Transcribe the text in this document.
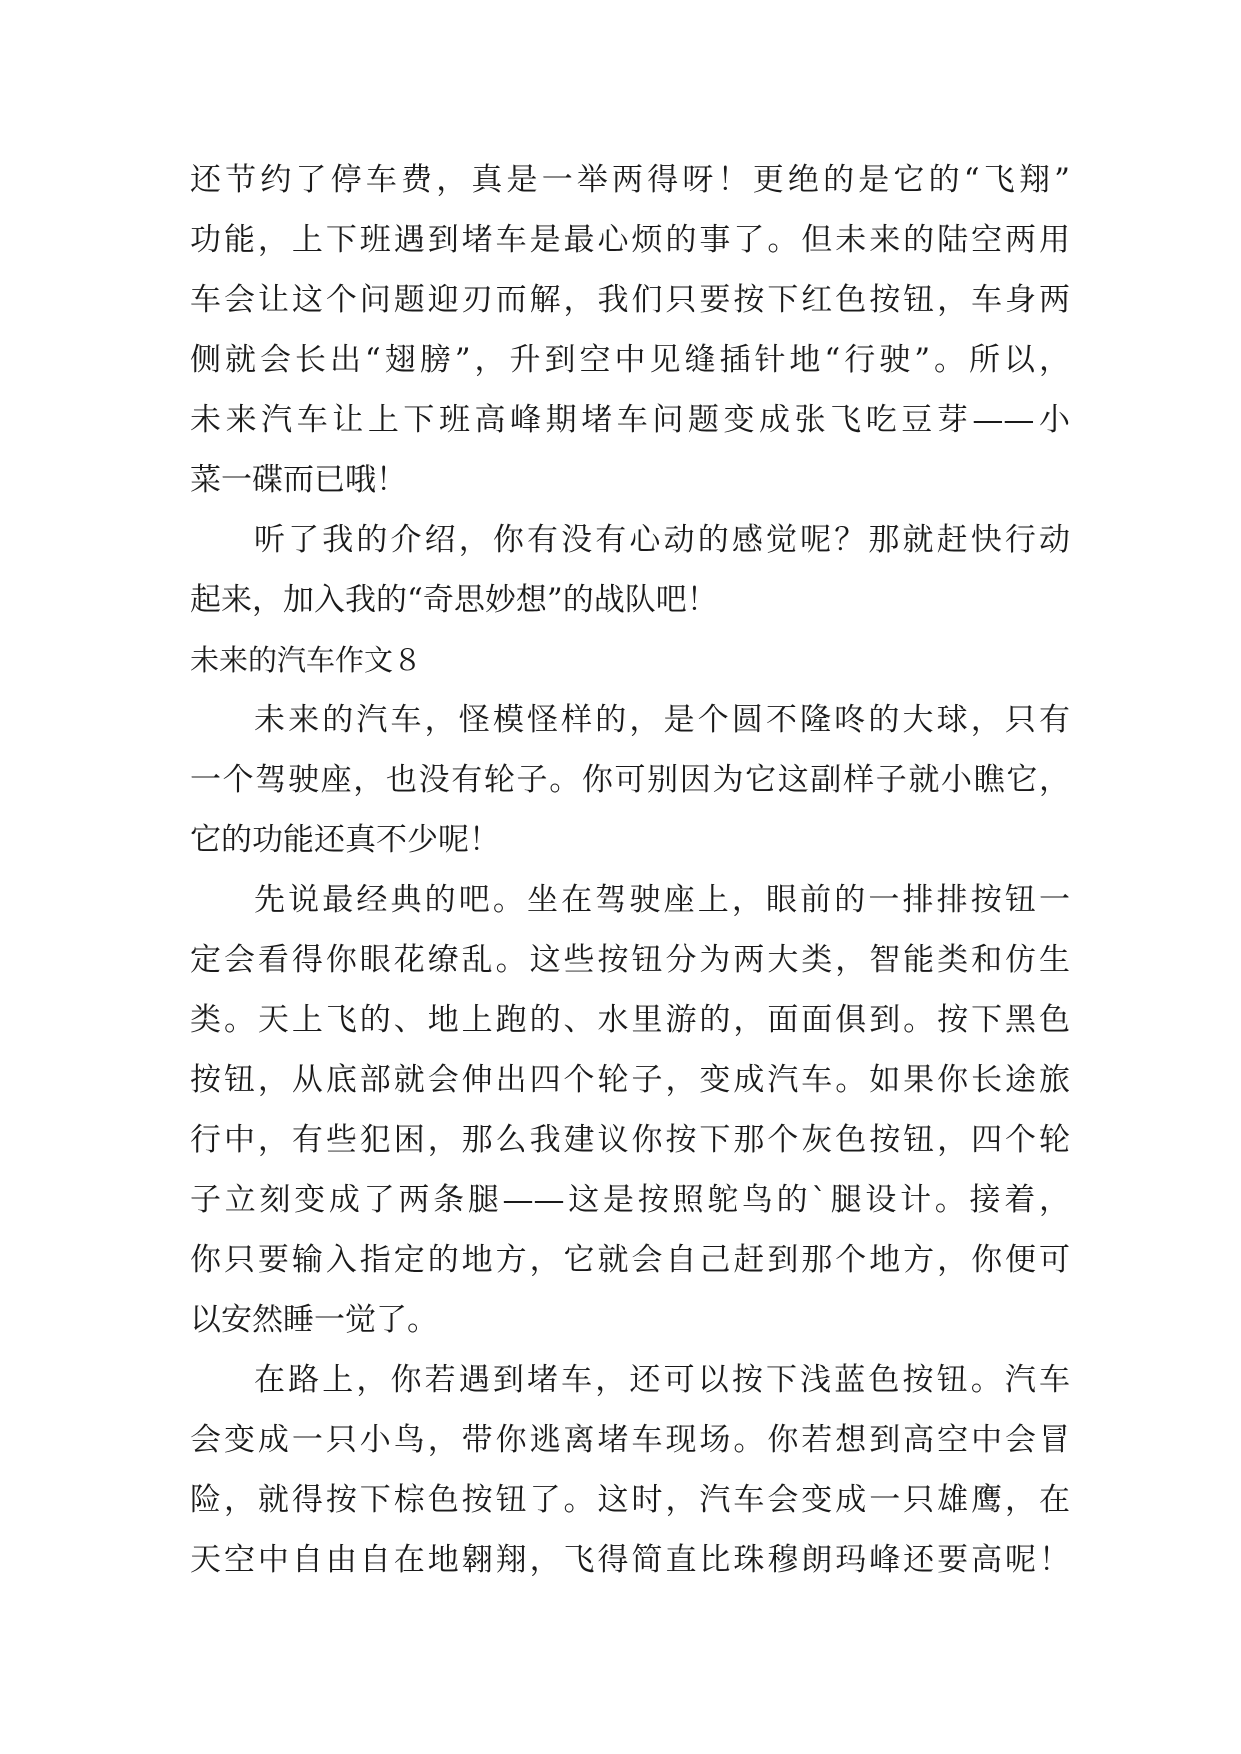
还节约了停车费，真是一举两得呀！更绝的是它的“飞翔”
功能，上下班遇到堵车是最心烦的事了。但未来的陆空两用
车会让这个问题迎刃而解，我们只要按下红色按钮，车身两
侧就会长出“翅膀”，升到空中见缝插针地“行驶”。所以，
未来汽车让上下班高峰期堵车问题变成张飞吃豆芽——小
菜一碟而已哦！
听了我的介绍，你有没有心动的感觉呢？那就赶快行动
起来，加入我的“奇思妙想”的战队吧！
未来的汽车作文８
未来的汽车，怪模怪样的，是个圆不隆咚的大球，只有
一个驾驶座，也没有轮子。你可别因为它这副样子就小瞧它，
它的功能还真不少呢！
先说最经典的吧。坐在驾驶座上，眼前的一排排按钮一
定会看得你眼花缭乱。这些按钮分为两大类，智能类和仿生
类。天上飞的、地上跑的、水里游的，面面俱到。按下黑色
按钮，从底部就会伸出四个轮子，变成汽车。如果你长途旅
行中，有些犯困，那么我建议你按下那个灰色按钮，四个轮
子立刻变成了两条腿——这是按照鸵鸟的`腿设计。接着，
你只要输入指定的地方，它就会自己赶到那个地方，你便可
以安然睡一觉了。
在路上，你若遇到堵车，还可以按下浅蓝色按钮。汽车
会变成一只小鸟，带你逃离堵车现场。你若想到高空中会冒
险，就得按下棕色按钮了。这时，汽车会变成一只雄鹰，在
天空中自由自在地翱翔，飞得简直比珠穆朗玛峰还要高呢！
